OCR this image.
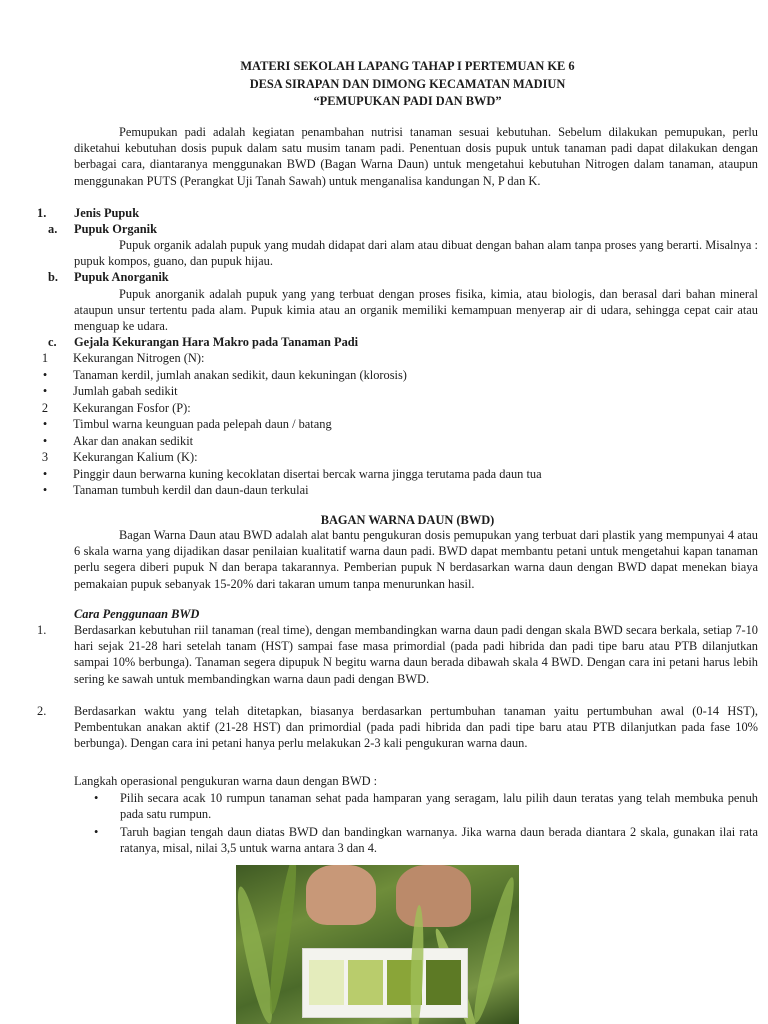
MATERI SEKOLAH LAPANG TAHAP I PERTEMUAN KE 6
DESA SIRAPAN DAN DIMONG KECAMATAN MADIUN
“PEMUPUKAN PADI DAN BWD”
Pemupukan padi adalah kegiatan penambahan nutrisi tanaman sesuai kebutuhan. Sebelum dilakukan pemupukan, perlu diketahui kebutuhan dosis pupuk dalam satu musim tanam padi. Penentuan dosis pupuk untuk tanaman padi dapat dilakukan dengan berbagai cara, diantaranya menggunakan BWD (Bagan Warna Daun) untuk mengetahui kebutuhan Nitrogen dalam tanaman, ataupun menggunakan PUTS (Perangkat Uji Tanah Sawah) untuk menganalisa kandungan N, P dan K.
1. Jenis Pupuk
a. Pupuk Organik
Pupuk organik adalah pupuk yang mudah didapat dari alam atau dibuat dengan bahan alam tanpa proses yang berarti. Misalnya : pupuk kompos, guano, dan pupuk hijau.
b. Pupuk Anorganik
Pupuk anorganik adalah pupuk yang yang terbuat dengan proses fisika, kimia, atau biologis, dan berasal dari bahan mineral ataupun unsur tertentu pada alam. Pupuk kimia atau an organik memiliki kemampuan menyerap air di udara, sehingga cepat cair atau menguap ke udara.
c. Gejala Kekurangan Hara Makro pada Tanaman Padi
1 Kekurangan Nitrogen (N):
• Tanaman kerdil, jumlah anakan sedikit, daun kekuningan (klorosis)
• Jumlah gabah sedikit
2 Kekurangan Fosfor (P):
• Timbul warna keunguan pada pelepah daun / batang
• Akar dan anakan sedikit
3 Kekurangan Kalium (K):
• Pinggir daun berwarna kuning kecoklatan disertai bercak warna jingga terutama pada daun tua
• Tanaman tumbuh kerdil dan daun-daun terkulai
BAGAN WARNA DAUN (BWD)
Bagan Warna Daun atau BWD adalah alat bantu pengukuran dosis pemupukan yang terbuat dari plastik yang mempunyai 4 atau 6 skala warna yang dijadikan dasar penilaian kualitatif warna daun padi. BWD dapat membantu petani untuk mengetahui kapan tanaman perlu segera diberi pupuk N dan berapa takarannya. Pemberian pupuk N berdasarkan warna daun dengan BWD dapat menekan biaya pemakaian pupuk sebanyak 15-20% dari takaran umum tanpa menurunkan hasil.
Cara Penggunaan BWD
1. Berdasarkan kebutuhan riil tanaman (real time), dengan membandingkan warna daun padi dengan skala BWD secara berkala, setiap 7-10 hari sejak 21-28 hari setelah tanam (HST) sampai fase masa primordial (pada padi hibrida dan padi tipe baru atau PTB dilanjutkan sampai 10% berbunga). Tanaman segera dipupuk N begitu warna daun berada dibawah skala 4 BWD. Dengan cara ini petani harus lebih sering ke sawah untuk membandingkan warna daun padi dengan BWD.
2. Berdasarkan waktu yang telah ditetapkan, biasanya berdasarkan pertumbuhan tanaman yaitu pertumbuhan awal (0-14 HST), Pembentukan anakan aktif (21-28 HST) dan primordial (pada padi hibrida dan padi tipe baru atau PTB dilanjutkan pada fase 10% berbunga). Dengan cara ini petani hanya perlu melakukan 2-3 kali pengukuran warna daun.
Langkah operasional pengukuran warna daun dengan BWD :
•
Pilih secara acak 10 rumpun tanaman sehat pada hamparan yang seragam, lalu pilih daun teratas yang telah membuka penuh pada satu rumpun.
•
Taruh bagian tengah daun diatas BWD dan bandingkan warnanya. Jika warna daun berada diantara 2 skala, gunakan ilai rata ratanya, misal, nilai 3,5 untuk warna antara 3 dan 4.
